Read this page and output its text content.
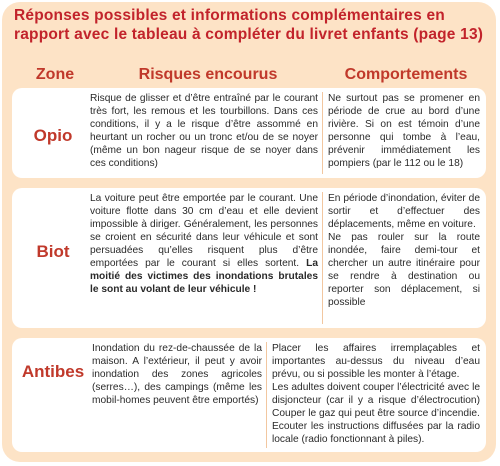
Réponses possibles et informations complémentaires en rapport avec le tableau à compléter du livret enfants (page 13)
Zone	Risques encourus	Comportements
Opio
Risque de glisser et d’être entraîné par le courant très fort, les remous et les tourbillons. Dans ces conditions, il y a le risque d’être assommé en heurtant un rocher ou un tronc et/ou de se noyer (même un bon nageur risque de se noyer dans ces conditions)
Ne surtout pas se promener en période de crue au bord d’une rivière. Si on est témoin d’une personne qui tombe à l’eau, prévenir immédiatement les pompiers (par le 112 ou le 18)
Biot
La voiture peut être emportée par le courant. Une voiture flotte dans 30 cm d’eau et elle devient impossible à diriger. Généralement, les personnes se croient en sécurité dans leur véhicule et sont persuadées qu’elles risquent plus d’être emportées par le courant si elles sortent. La moitié des victimes des inondations brutales le sont au volant de leur véhicule !
En période d’inondation, éviter de sortir et d’effectuer des déplacements, même en voiture.
Ne pas rouler sur la route inondée, faire demi-tour et chercher un autre itinéraire pour se rendre à destination ou reporter son déplacement, si possible
Antibes
Inondation du rez-de-chaussée de la maison. A l’extérieur, il peut y avoir inondation des zones agricoles (serres…), des campings (même les mobil-homes peuvent être emportés)
Placer les affaires irremplaçables et importantes au-dessus du niveau d’eau prévu, ou si possible les monter à l’étage.
Les adultes doivent couper l’électricité avec le disjoncteur (car il y a risque d’électrocution) Couper le gaz qui peut être source d’incendie.
Ecouter les instructions diffusées par la radio locale (radio fonctionnant à piles).
